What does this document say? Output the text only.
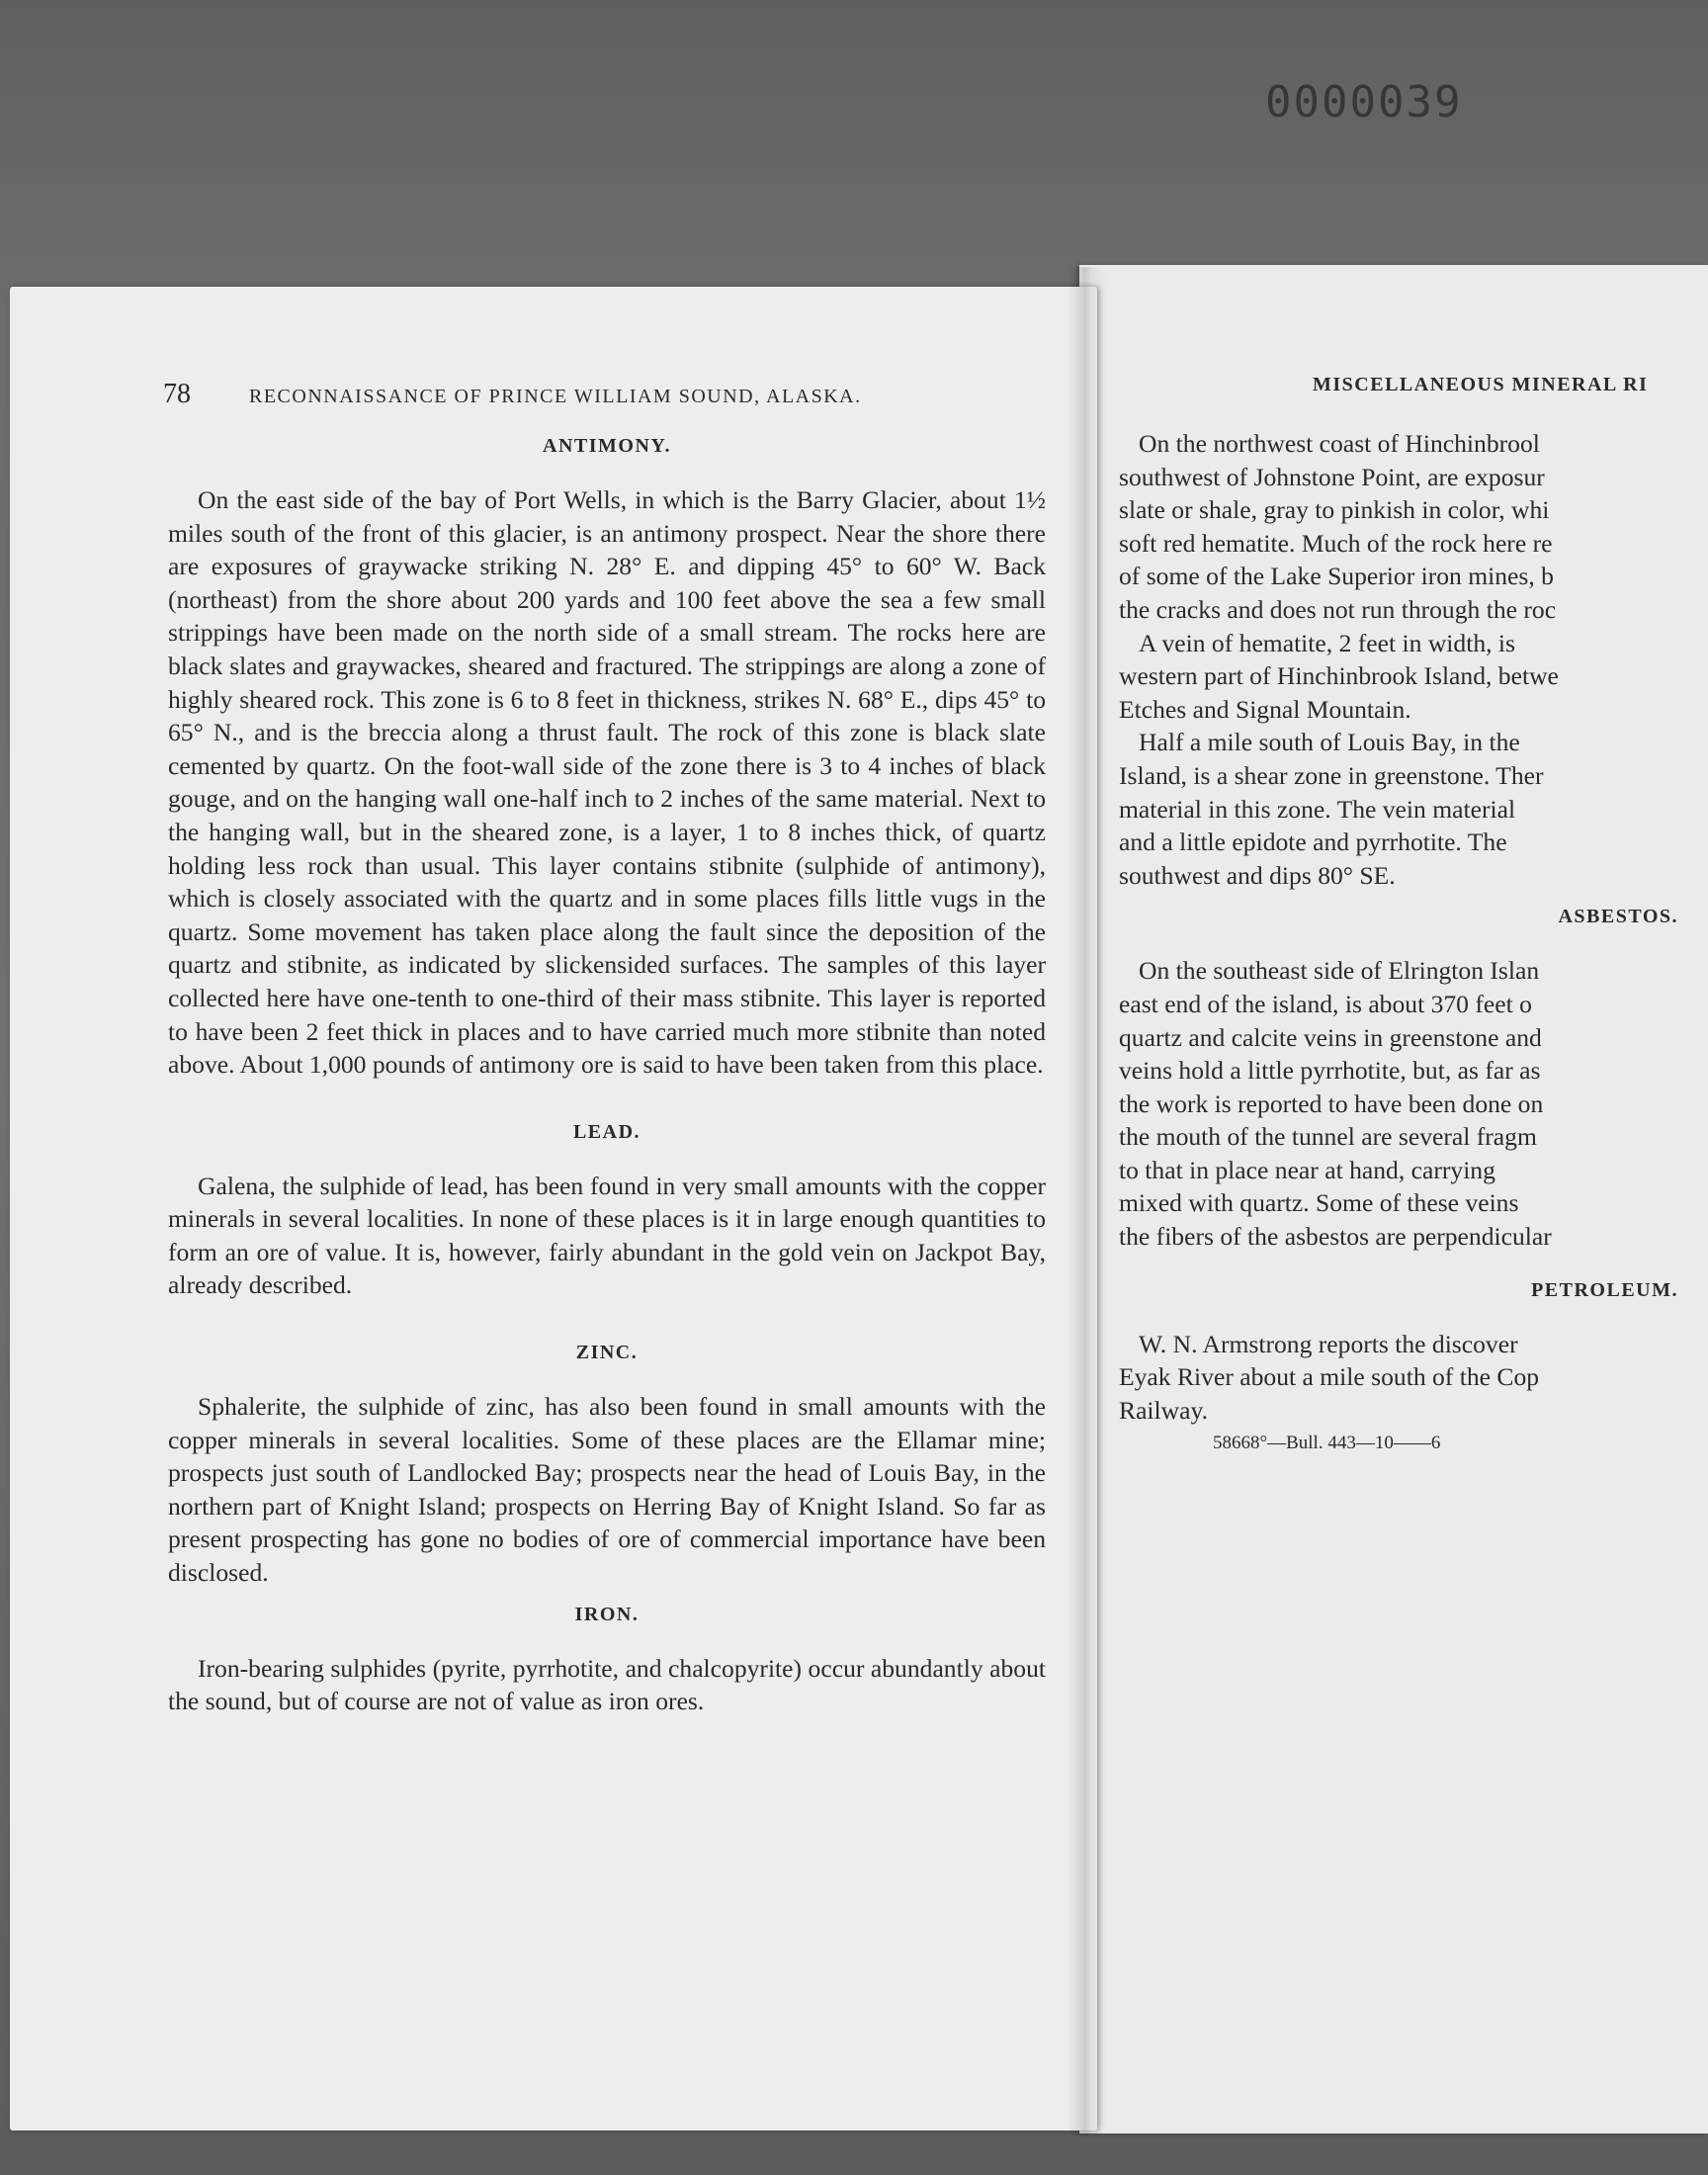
0000039
78	RECONNAISSANCE OF PRINCE WILLIAM SOUND, ALASKA.
MISCELLANEOUS MINERAL RI
ANTIMONY.

On the east side of the bay of Port Wells, in which is the Barry Glacier, about 1½ miles south of the front of this glacier, is an antimony prospect. Near the shore there are exposures of graywacke striking N. 28° E. and dipping 45° to 60° W. Back (northeast) from the shore about 200 yards and 100 feet above the sea a few small strippings have been made on the north side of a small stream. The rocks here are black slates and graywackes, sheared and fractured. The strippings are along a zone of highly sheared rock. This zone is 6 to 8 feet in thickness, strikes N. 68° E., dips 45° to 65° N., and is the breccia along a thrust fault. The rock of this zone is black slate cemented by quartz. On the foot-wall side of the zone there is 3 to 4 inches of black gouge, and on the hanging wall one-half inch to 2 inches of the same material. Next to the hanging wall, but in the sheared zone, is a layer, 1 to 8 inches thick, of quartz holding less rock than usual. This layer contains stibnite (sulphide of antimony), which is closely associated with the quartz and in some places fills little vugs in the quartz. Some movement has taken place along the fault since the deposition of the quartz and stibnite, as indicated by slickensided surfaces. The samples of this layer collected here have one-tenth to one-third of their mass stibnite. This layer is reported to have been 2 feet thick in places and to have carried much more stibnite than noted above. About 1,000 pounds of antimony ore is said to have been taken from this place.

LEAD.

Galena, the sulphide of lead, has been found in very small amounts with the copper minerals in several localities. In none of these places is it in large enough quantities to form an ore of value. It is, however, fairly abundant in the gold vein on Jackpot Bay, already described.

ZINC.

Sphalerite, the sulphide of zinc, has also been found in small amounts with the copper minerals in several localities. Some of these places are the Ellamar mine; prospects just south of Landlocked Bay; prospects near the head of Louis Bay, in the northern part of Knight Island; prospects on Herring Bay of Knight Island. So far as present prospecting has gone no bodies of ore of commercial importance have been disclosed.

IRON.

Iron-bearing sulphides (pyrite, pyrrhotite, and chalcopyrite) occur abundantly about the sound, but of course are not of value as iron ores.

On the northwest coast of Hinchinbrool
southwest of Johnstone Point, are exposur
slate or shale, gray to pinkish in color, whi
soft red hematite. Much of the rock here re
of some of the Lake Superior iron mines, b
the cracks and does not run through the roc

A vein of hematite, 2 feet in width, is
western part of Hinchinbrook Island, betwe
Etches and Signal Mountain.

Half a mile south of Louis Bay, in the
Island, is a shear zone in greenstone. Ther
material in this zone. The vein material
and a little epidote and pyrrhotite. The
southwest and dips 80° SE.

ASBESTOS.

On the southeast side of Elrington Islan
east end of the island, is about 370 feet o
quartz and calcite veins in greenstone and
veins hold a little pyrrhotite, but, as far as
the work is reported to have been done on
the mouth of the tunnel are several fragm
to that in place near at hand, carrying
mixed with quartz. Some of these veins
the fibers of the asbestos are perpendicular

PETROLEUM.

W. N. Armstrong reports the discover
Eyak River about a mile south of the Cop
Railway.

58668°—Bull. 443—10——6
